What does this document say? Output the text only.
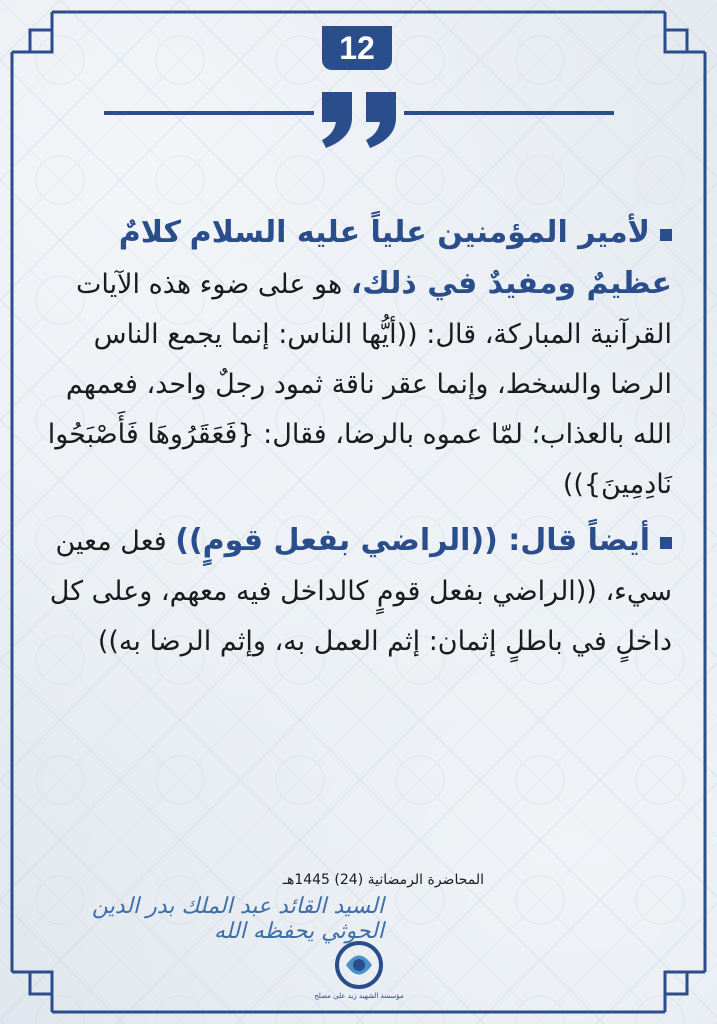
12

لأمير المؤمنين علياً عليه السلام كلامٌ عظيمٌ ومفيدٌ في ذلك، هو على ضوء هذه الآيات القرآنية المباركة، قال: ((أيُّها الناس: إنما يجمع الناس الرضا والسخط، وإنما عقر ناقة ثمود رجلٌ واحد، فعمهم الله بالعذاب؛ لمّا عموه بالرضا، فقال: {فَعَقَرُوهَا فَأَصْبَحُوا نَادِمِينَ}))

أيضاً قال: ((الراضي بفعل قومٍ)) فعل معين سيء، ((الراضي بفعل قومٍ كالداخل فيه معهم، وعلى كل داخلٍ في باطلٍ إثمان: إثم العمل به، وإثم الرضا به))

المحاضرة الرمضانية (24) 1445هـ
السيد القائد عبد الملك بدر الدين الحوثي يحفظه الله
مؤسسة الشهيد زيد علي مصلح
